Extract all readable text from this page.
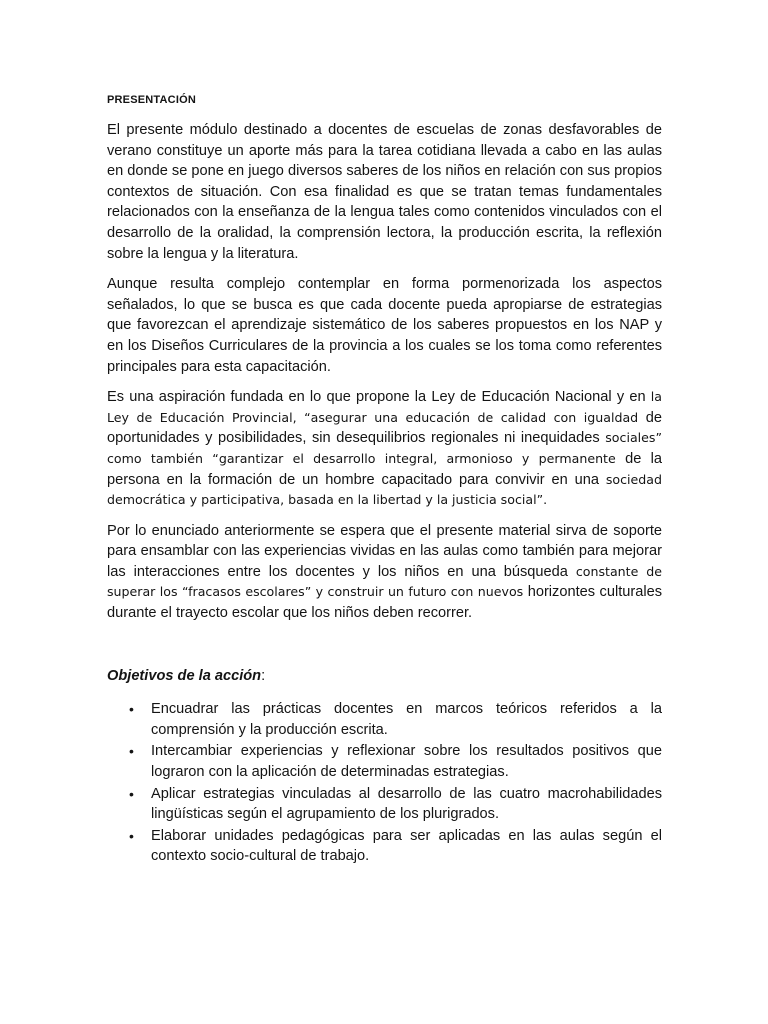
PRESENTACIÓN

El presente módulo destinado a docentes de escuelas de zonas desfavorables de verano constituye un aporte más para la tarea cotidiana llevada a cabo en las aulas en donde se pone en juego diversos saberes de los niños en relación con sus propios contextos de situación. Con esa finalidad es que se tratan temas fundamentales relacionados con la enseñanza de la lengua tales como contenidos vinculados con el desarrollo de la oralidad, la comprensión lectora, la producción escrita, la reflexión sobre la lengua y la literatura.

Aunque resulta complejo contemplar en forma pormenorizada los aspectos señalados, lo que se busca es que cada docente pueda apropiarse de estrategias que favorezcan el aprendizaje sistemático de los saberes propuestos en los NAP y en los Diseños Curriculares de la provincia a los cuales se los toma como referentes principales para esta capacitación.

Es una aspiración fundada en lo que propone la Ley de Educación Nacional y en la Ley de Educación Provincial, “asegurar una educación de calidad con igualdad de oportunidades y posibilidades, sin desequilibrios regionales ni inequidades sociales” como también “garantizar el desarrollo integral, armonioso y permanente de la persona en la formación de un hombre capacitado para convivir en una sociedad democrática y participativa, basada en la libertad y la justicia social”.

Por lo enunciado anteriormente se espera que el presente material sirva de soporte para ensamblar con las experiencias vividas en las aulas como también para mejorar las interacciones entre los docentes y los niños en una búsqueda constante de superar los “fracasos escolares” y construir un futuro con nuevos horizontes culturales durante el trayecto escolar que los niños deben recorrer.

Objetivos de la acción:

• Encuadrar las prácticas docentes en marcos teóricos referidos a la comprensión y la producción escrita.
• Intercambiar experiencias y reflexionar sobre los resultados positivos que lograron con la aplicación de determinadas estrategias.
• Aplicar estrategias vinculadas al desarrollo de las cuatro macrohabilidades lingüísticas según el agrupamiento de los plurigrados.
• Elaborar unidades pedagógicas para ser aplicadas en las aulas según el contexto socio-cultural de trabajo.
